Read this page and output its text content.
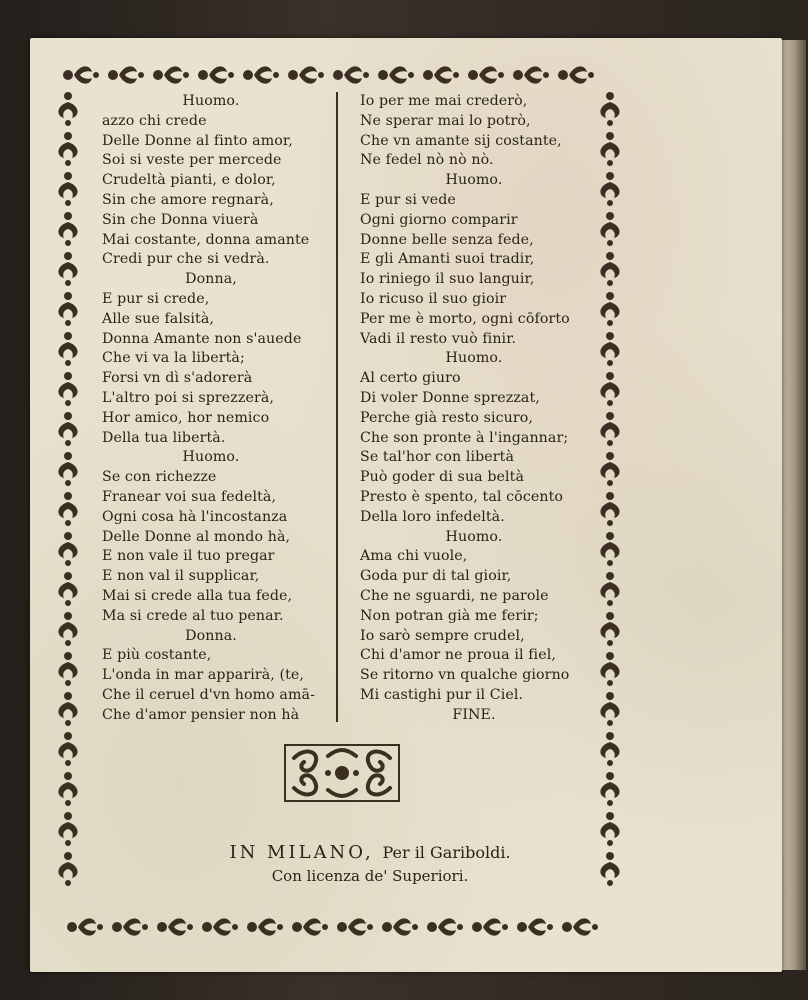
Huomo.
azzo chi crede
Delle Donne al finto amor,
Soi si veste per mercede
Crudeltà pianti, e dolor,
Sin che amore regnarà,
Sin che Donna viuerà
Mai costante, donna amante
Credi pur che si vedrà.
Donna,
E pur si crede,
Alle sue falsità,
Donna Amante non s'auede
Che vi va la libertà;
Forsi vn dì s'adorerà
L'altro poi si sprezzerà,
Hor amico, hor nemico
Della tua libertà.
Huomo.
Se con richezze
Franear voi sua fedeltà,
Ogni cosa hà l'incostanza
Delle Donne al mondo hà,
E non vale il tuo pregar
E non val il supplicar,
Mai si crede alla tua fede,
Ma si crede al tuo penar.
Donna.
E più costante,
L'onda in mar apparirà, (te,
Che il ceruel d'vn homo amā-
Che d'amor pensier non hà
Io per me mai crederò,
Ne sperar mai lo potrò,
Che vn amante sij costante,
Ne fedel nò nò nò.
Huomo.
E pur si vede
Ogni giorno comparir
Donne belle senza fede,
E gli Amanti suoi tradir,
Io riniego il suo languir,
Io ricuso il suo gioir
Per me è morto, ogni cōforto
Vadi il resto vuò finir.
Huomo.
Al certo giuro
Di voler Donne sprezzat,
Perche già resto sicuro,
Che son pronte à l'ingannar;
Se tal'hor con libertà
Può goder di sua beltà
Presto è spento, tal cōcento
Della loro infedeltà.
Huomo.
Ama chi vuole,
Goda pur di tal gioir,
Che ne sguardi, ne parole
Non potran già me ferir;
Io sarò sempre crudel,
Chi d'amor ne proua il fiel,
Se ritorno vn qualche giorno
Mi castighi pur il Ciel.
FINE.
IN MILANO, Per il Gariboldi.
Con licenza de' Superiori.
